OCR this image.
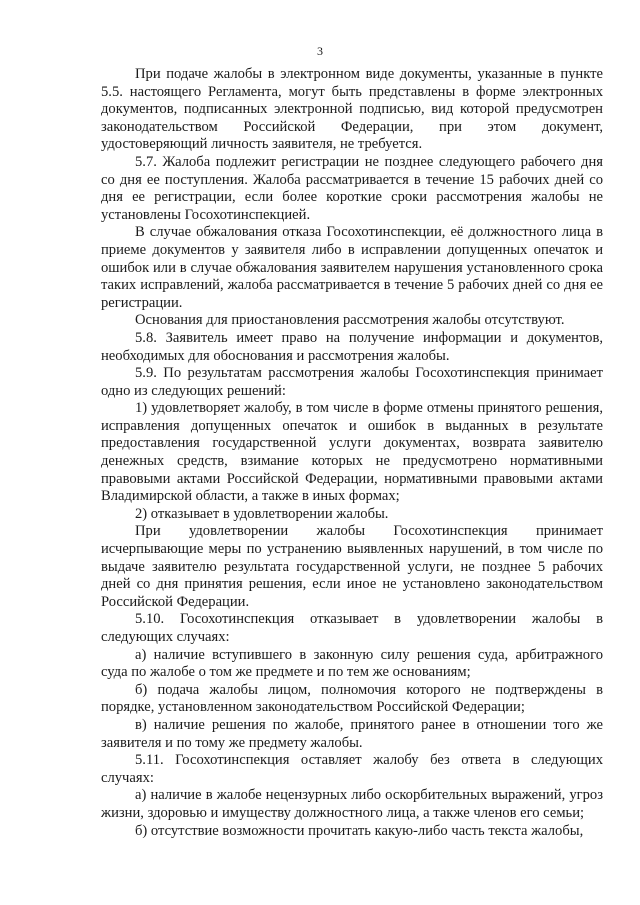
3

При подаче жалобы в электронном виде документы, указанные в пункте 5.5. настоящего Регламента, могут быть представлены в форме электронных документов, подписанных электронной подписью, вид которой предусмотрен законодательством Российской Федерации, при этом документ, удостоверяющий личность заявителя, не требуется.

5.7. Жалоба подлежит регистрации не позднее следующего рабочего дня со дня ее поступления. Жалоба рассматривается в течение 15 рабочих дней со дня ее регистрации, если более короткие сроки рассмотрения жалобы не установлены Госохотинспекцией.

В случае обжалования отказа Госохотинспекции, её должностного лица в приеме документов у заявителя либо в исправлении допущенных опечаток и ошибок или в случае обжалования заявителем нарушения установленного срока таких исправлений, жалоба рассматривается в течение 5 рабочих дней со дня ее регистрации.

Основания для приостановления рассмотрения жалобы отсутствуют.

5.8. Заявитель имеет право на получение информации и документов, необходимых для обоснования и рассмотрения жалобы.

5.9. По результатам рассмотрения жалобы Госохотинспекция принимает одно из следующих решений:

1) удовлетворяет жалобу, в том числе в форме отмены принятого решения, исправления допущенных опечаток и ошибок в выданных в результате предоставления государственной услуги документах, возврата заявителю денежных средств, взимание которых не предусмотрено нормативными правовыми актами Российской Федерации, нормативными правовыми актами Владимирской области, а также в иных формах;

2) отказывает в удовлетворении жалобы.

При удовлетворении жалобы Госохотинспекция принимает исчерпывающие меры по устранению выявленных нарушений, в том числе по выдаче заявителю результата государственной услуги, не позднее 5 рабочих дней со дня принятия решения, если иное не установлено законодательством Российской Федерации.

5.10. Госохотинспекция отказывает в удовлетворении жалобы в следующих случаях:

а) наличие вступившего в законную силу решения суда, арбитражного суда по жалобе о том же предмете и по тем же основаниям;

б) подача жалобы лицом, полномочия которого не подтверждены в порядке, установленном законодательством Российской Федерации;

в) наличие решения по жалобе, принятого ранее в отношении того же заявителя и по тому же предмету жалобы.

5.11. Госохотинспекция оставляет жалобу без ответа в следующих случаях:

а) наличие в жалобе нецензурных либо оскорбительных выражений, угроз жизни, здоровью и имуществу должностного лица, а также членов его семьи;

б) отсутствие возможности прочитать какую-либо часть текста жалобы,
